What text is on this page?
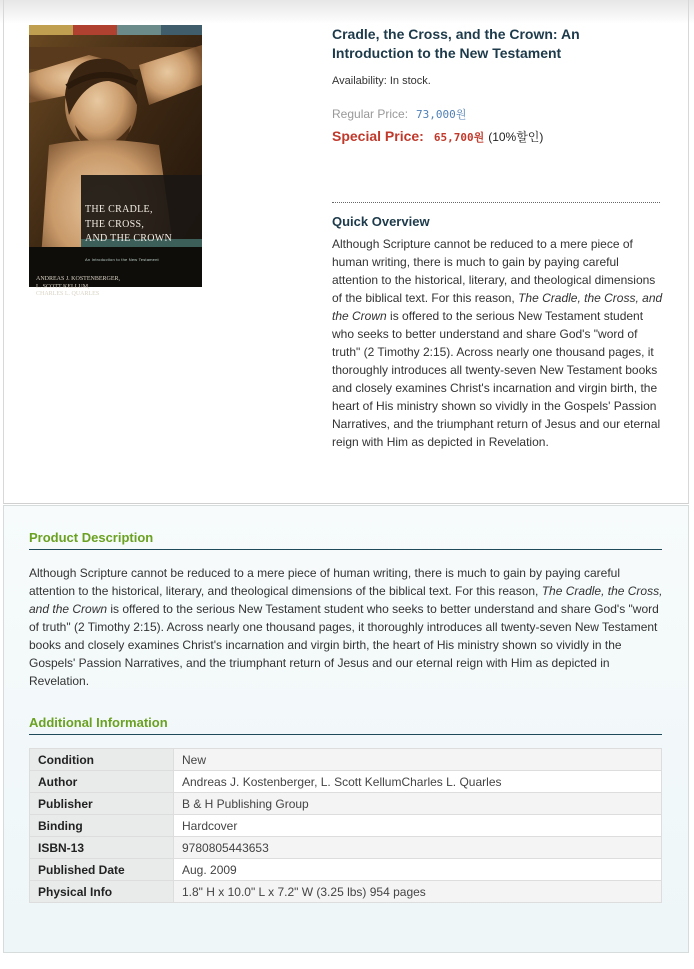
THE CRADLE,
THE CROSS,
AND THE CROWN
An Introduction to the New Testament
ANDREAS J. KOSTENBERGER,
L. SCOTT KELLUM,
CHARLES L. QUARLES
Cradle, the Cross, and the Crown: An Introduction to the New Testament
Availability: In stock.
Regular Price: 73,000원
Special Price: 65,700원 (10%할인)
Quick Overview

Although Scripture cannot be reduced to a mere piece of human writing, there is much to gain by paying careful attention to the historical, literary, and theological dimensions of the biblical text. For this reason, The Cradle, the Cross, and the Crown is offered to the serious New Testament student who seeks to better understand and share God's "word of truth" (2 Timothy 2:15). Across nearly one thousand pages, it thoroughly introduces all twenty-seven New Testament books and closely examines Christ's incarnation and virgin birth, the heart of His ministry shown so vividly in the Gospels' Passion Narratives, and the triumphant return of Jesus and our eternal reign with Him as depicted in Revelation.

Product Description

Although Scripture cannot be reduced to a mere piece of human writing, there is much to gain by paying careful attention to the historical, literary, and theological dimensions of the biblical text. For this reason, The Cradle, the Cross, and the Crown is offered to the serious New Testament student who seeks to better understand and share God's "word of truth" (2 Timothy 2:15). Across nearly one thousand pages, it thoroughly introduces all twenty-seven New Testament books and closely examines Christ's incarnation and virgin birth, the heart of His ministry shown so vividly in the Gospels' Passion Narratives, and the triumphant return of Jesus and our eternal reign with Him as depicted in Revelation.

Additional Information
Condition	New
Author	Andreas J. Kostenberger, L. Scott KellumCharles L. Quarles
Publisher	B & H Publishing Group
Binding	Hardcover
ISBN-13	9780805443653
Published Date	Aug. 2009
Physical Info	1.8" H x 10.0" L x 7.2" W (3.25 lbs) 954 pages
